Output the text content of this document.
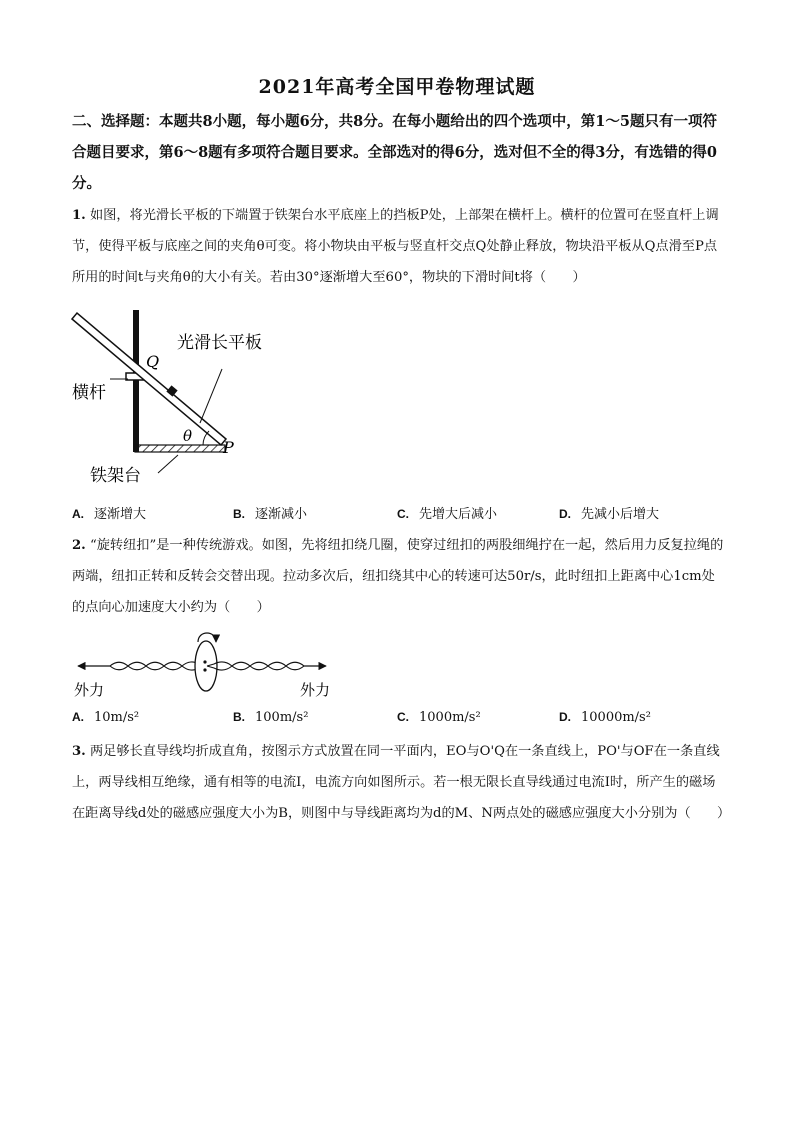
2021年高考全国甲卷物理试题
二、选择题：本题共8小题，每小题6分，共8分。在每小题给出的四个选项中，第1～5题只有一项符合题目要求，第6～8题有多项符合题目要求。全部选对的得6分，选对但不全的得3分，有选错的得0分。
1. 如图，将光滑长平板的下端置于铁架台水平底座上的挡板P处，上部架在横杆上。横杆的位置可在竖直杆上调节，使得平板与底座之间的夹角θ可变。将小物块由平板与竖直杆交点Q处静止释放，物块沿平板从Q点滑至P点所用的时间t与夹角θ的大小有关。若由30°逐渐增大至60°，物块的下滑时间t将（　　）
Q
P
θ
光滑长平板
横杆
铁架台
A. 逐渐增大	B. 逐渐减小	C. 先增大后减小	D. 先减小后增大
2. “旋转纽扣”是一种传统游戏。如图，先将纽扣绕几圈，使穿过纽扣的两股细绳拧在一起，然后用力反复拉绳的两端，纽扣正转和反转会交替出现。拉动多次后，纽扣绕其中心的转速可达50r/s，此时纽扣上距离中心1cm处的点向心加速度大小约为（　　）
外力	外力
A. 10m/s²	B. 100m/s²	C. 1000m/s²	D. 10000m/s²
3. 两足够长直导线均折成直角，按图示方式放置在同一平面内，EO与O'Q在一条直线上，PO'与OF在一条直线上，两导线相互绝缘，通有相等的电流I，电流方向如图所示。若一根无限长直导线通过电流I时，所产生的磁场在距离导线d处的磁感应强度大小为B，则图中与导线距离均为d的M、N两点处的磁感应强度大小分别为（　　）
